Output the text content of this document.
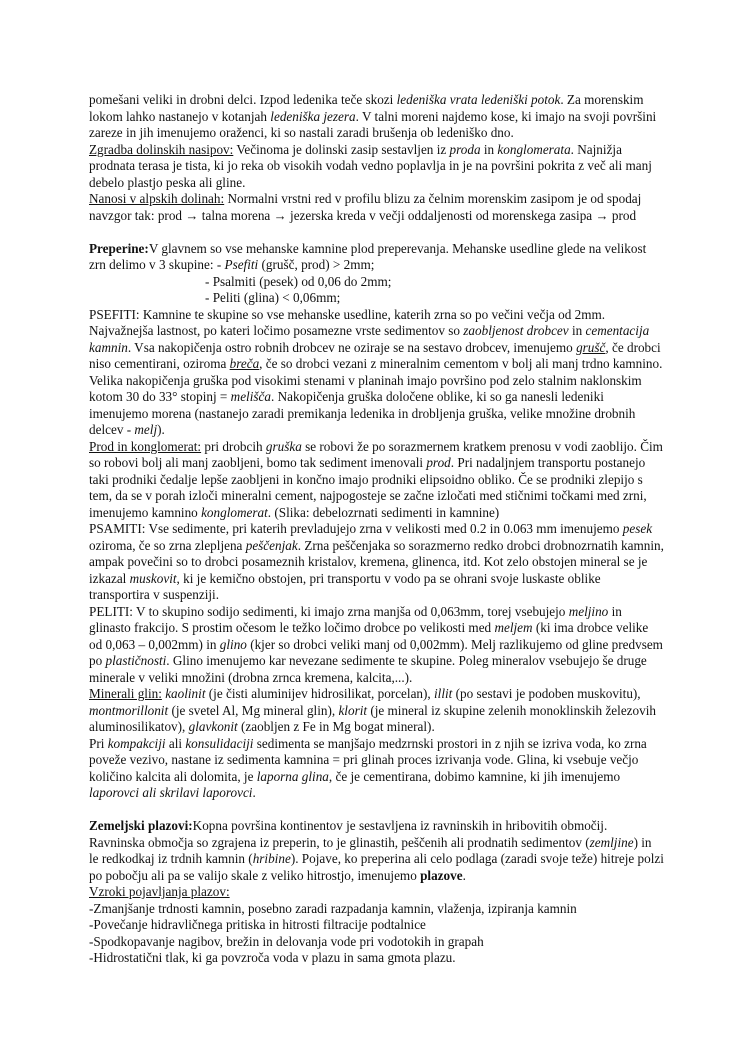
pomešani veliki in drobni delci. Izpod ledenika teče skozi ledeniška vrata ledeniški potok. Za morenskim lokom lahko nastanejo v kotanjah ledeniška jezera. V talni moreni najdemo kose, ki imajo na svoji površini zareze in jih imenujemo oraženci, ki so nastali zaradi brušenja ob ledeniško dno.

Zgradba dolinskih nasipov: Večinoma je dolinski zasip sestavljen iz proda in konglomerata. Najnižja prodnata terasa je tista, ki jo reka ob visokih vodah vedno poplavlja in je na površini pokrita z več ali manj debelo plastjo peska ali gline.

Nanosi v alpskih dolinah: Normalni vrstni red v profilu blizu za čelnim morenskim zasipom je od spodaj navzgor tak: prod → talna morena → jezerska kreda v večji oddaljenosti od morenskega zasipa → prod

Preperine:V glavnem so vse mehanske kamnine plod preperevanja. Mehanske usedline glede na velikost zrn delimo v 3 skupine: - Psefiti (grušč, prod) > 2mm;

- Psalmiti (pesek) od 0,06 do 2mm;

- Peliti (glina) < 0,06mm;

PSEFITI: Kamnine te skupine so vse mehanske usedline, katerih zrna so po večini večja od 2mm. Najvažnejša lastnost, po kateri ločimo posamezne vrste sedimentov so zaobljenost drobcev in cementacija kamnin. Vsa nakopičenja ostro robnih drobcev ne oziraje se na sestavo drobcev, imenujemo grušč, če drobci niso cementirani, oziroma breča, če so drobci vezani z mineralnim cementom v bolj ali manj trdno kamnino. Velika nakopičenja gruška pod visokimi stenami v planinah imajo površino pod zelo stalnim naklonskim kotom 30 do 33° stopinj = melišča. Nakopičenja gruška določene oblike, ki so ga nanesli ledeniki imenujemo morena (nastanejo zaradi premikanja ledenika in drobljenja gruška, velike množine drobnih delcev - melj).

Prod in konglomerat: pri drobcih gruška se robovi že po sorazmernem kratkem prenosu v vodi zaoblijo. Čim so robovi bolj ali manj zaobljeni, bomo tak sediment imenovali prod. Pri nadaljnjem transportu postanejo taki prodniki čedalje lepše zaobljeni in končno imajo prodniki elipsoidno obliko. Če se prodniki zlepijo s tem, da se v porah izloči mineralni cement, najpogosteje se začne izločati med stičnimi točkami med zrni, imenujemo kamnino konglomerat. (Slika: debelozrnati sedimenti in kamnine)

PSAMITI: Vse sedimente, pri katerih prevladujejo zrna v velikosti med 0.2 in 0.063 mm imenujemo pesek oziroma, če so zrna zlepljena peščenjak. Zrna peščenjaka so sorazmerno redko drobci drobnozrnatih kamnin, ampak povečini so to drobci posameznih kristalov, kremena, glinenca, itd. Kot zelo obstojen mineral se je izkazal muskovit, ki je kemično obstojen, pri transportu v vodo pa se ohrani svoje luskaste oblike transportira v suspenziji.

PELITI: V to skupino sodijo sedimenti, ki imajo zrna manjša od 0,063mm, torej vsebujejo meljino in glinasto frakcijo. S prostim očesom le težko ločimo drobce po velikosti med meljem (ki ima drobce velike od 0,063 – 0,002mm) in glino (kjer so drobci veliki manj od 0,002mm). Melj razlikujemo od gline predvsem po plastičnosti. Glino imenujemo kar nevezane sedimente te skupine. Poleg mineralov vsebujejo še druge minerale v veliki množini (drobna zrnca kremena, kalcita,...).

Minerali glin: kaolinit (je čisti aluminijev hidrosilikat, porcelan), illit (po sestavi je podoben muskovitu), montmorillonit (je svetel Al, Mg mineral glin), klorit (je mineral iz skupine zelenih monoklinskih železovih aluminosilikatov), glavkonit (zaobljen z Fe in Mg bogat mineral).

Pri kompakciji ali konsulidaciji sedimenta se manjšajo medzrnski prostori in z njih se izriva voda, ko zrna poveže vezivo, nastane iz sedimenta kamnina = pri glinah proces izrivanja vode. Glina, ki vsebuje večjo količino kalcita ali dolomita, je laporna glina, če je cementirana, dobimo kamnine, ki jih imenujemo laporovci ali skrilavi laporovci.

Zemeljski plazovi:Kopna površina kontinentov je sestavljena iz ravninskih in hribovitih območij. Ravninska območja so zgrajena iz preperin, to je glinastih, peščenih ali prodnatih sedimentov (zemljine) in le redkodkaj iz trdnih kamnin (hribine). Pojave, ko preperina ali celo podlaga (zaradi svoje teže) hitreje polzi po pobočju ali pa se valijo skale z veliko hitrostjo, imenujemo plazove.

Vzroki pojavljanja plazov:

-Zmanjšanje trdnosti kamnin, posebno zaradi razpadanja kamnin, vlaženja, izpiranja kamnin

-Povečanje hidravličnega pritiska in hitrosti filtracije podtalnice

-Spodkopavanje nagibov, brežin in delovanja vode pri vodotokih in grapah

-Hidrostatični tlak, ki ga povzroča voda v plazu in sama gmota plazu.
